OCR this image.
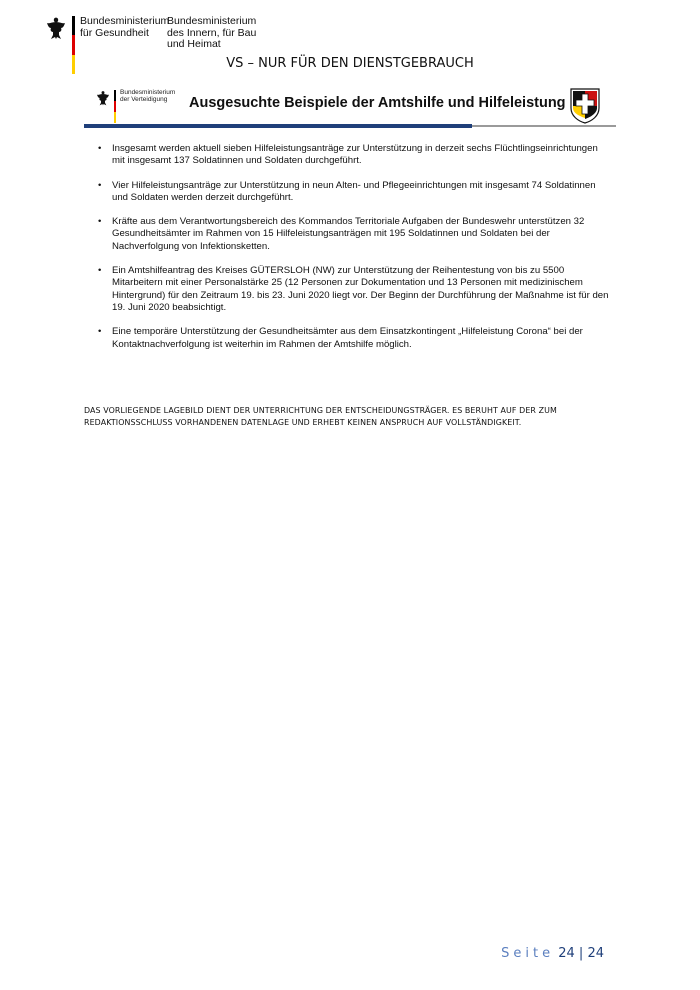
Bundesministerium
für Gesundheit
Bundesministerium
des Innern, für Bau
und Heimat
VS – NUR FÜR DEN DIENSTGEBRAUCH
Bundesministerium
der Verteidigung	Ausgesuchte Beispiele der Amtshilfe und Hilfeleistung
• Insgesamt werden aktuell sieben Hilfeleistungsanträge zur Unterstützung in derzeit sechs Flüchtlingseinrichtungen mit insgesamt 137 Soldatinnen und Soldaten durchgeführt.
• Vier Hilfeleistungsanträge zur Unterstützung in neun Alten- und Pflegeeinrichtungen mit insgesamt 74 Soldatinnen und Soldaten werden derzeit durchgeführt.
• Kräfte aus dem Verantwortungsbereich des Kommandos Territoriale Aufgaben der Bundeswehr unterstützen 32 Gesundheitsämter im Rahmen von 15 Hilfeleistungsanträgen mit 195 Soldatinnen und Soldaten bei der Nachverfolgung von Infektionsketten.
• Ein Amtshilfeantrag des Kreises GÜTERSLOH (NW) zur Unterstützung der Reihentestung von bis zu 5500 Mitarbeitern mit einer Personalstärke 25 (12 Personen zur Dokumentation und 13 Personen mit medizinischem Hintergrund) für den Zeitraum 19. bis 23. Juni 2020 liegt vor. Der Beginn der Durchführung der Maßnahme ist für den 19. Juni 2020 beabsichtigt.
• Eine temporäre Unterstützung der Gesundheitsämter aus dem Einsatzkontingent „Hilfeleistung Corona“ bei der Kontaktnachverfolgung ist weiterhin im Rahmen der Amtshilfe möglich.
DAS VORLIEGENDE LAGEBILD DIENT DER UNTERRICHTUNG DER ENTSCHEIDUNGSTRÄGER. ES BERUHT AUF DER ZUM REDAKTIONSSCHLUSS VORHANDENEN DATENLAGE UND ERHEBT KEINEN ANSPRUCH AUF VOLLSTÄNDIGKEIT.
Seite 24 | 24
